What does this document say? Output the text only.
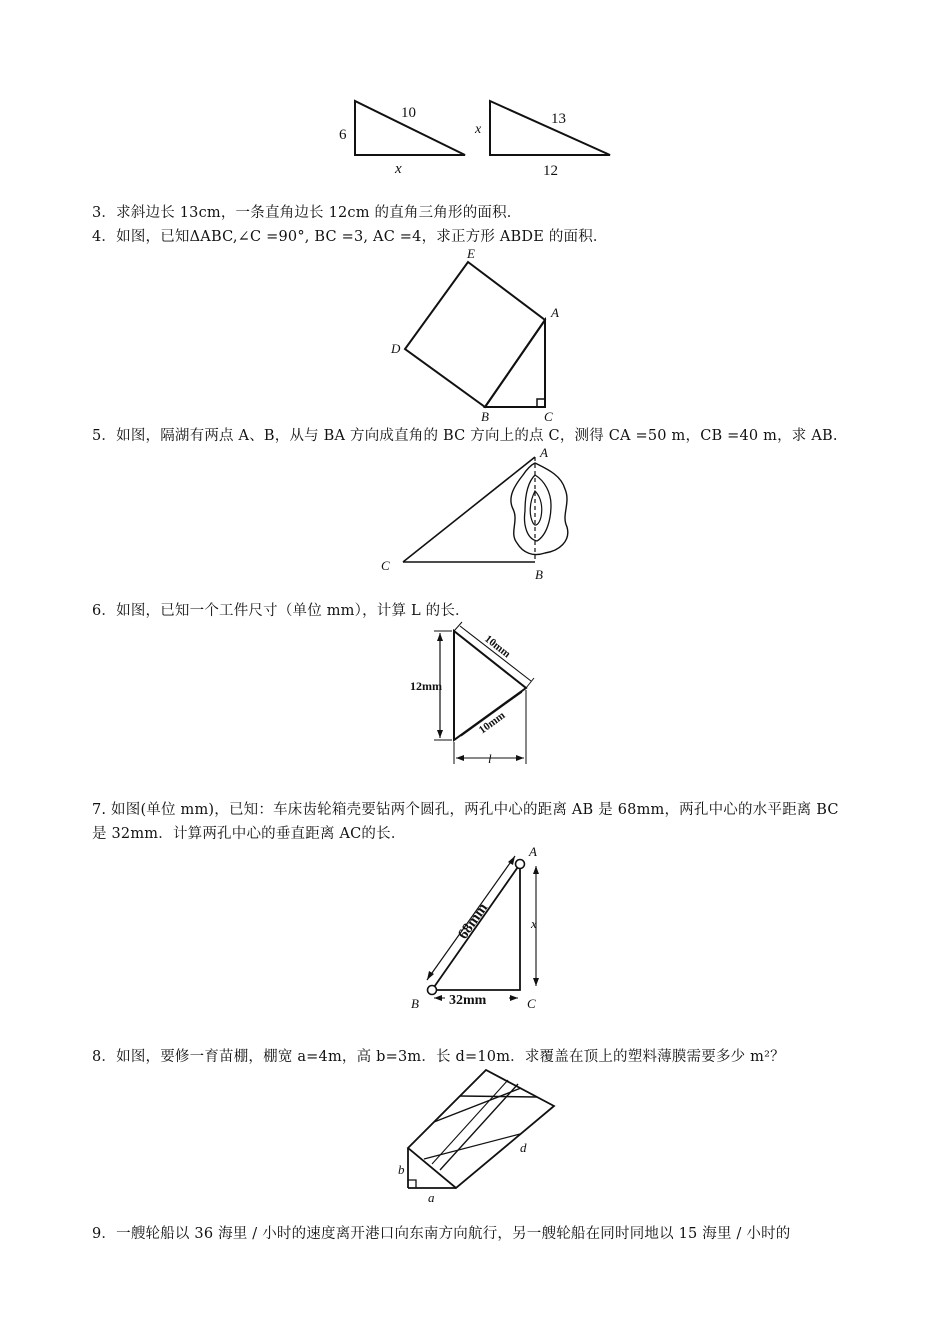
6
10
x
x
13
12
3．求斜边长 13cm，一条直角边长 12cm 的直角三角形的面积．
4．如图，已知ΔABC,∠C =90°, BC =3, AC =4，求正方形 ABDE 的面积．
E
A
D
B	C
5．如图，隔湖有两点 A、B，从与 BA 方向成直角的 BC 方向上的点 C，测得 CA =50 m，CB =40 m，求 AB.
A
B
C
6．如图，已知一个工件尺寸（单位 mm），计算 L 的长．
12mm
10mm
10mm
l
7. 如图(单位 mm)，已知：车床齿轮箱壳要钻两个圆孔，两孔中心的距离 AB 是 68mm，两孔中心的水平距离 BC
是 32mm．计算两孔中心的垂直距离 AC的长．
68mm	x
32mm
A
B	C
8．如图，要修一育苗棚，棚宽 a=4m，高 b=3m．长 d=10m．求覆盖在顶上的塑料薄膜需要多少 m²？
b
a
d
9．一艘轮船以 36 海里 / 小时的速度离开港口向东南方向航行，另一艘轮船在同时同地以 15 海里 / 小时的
